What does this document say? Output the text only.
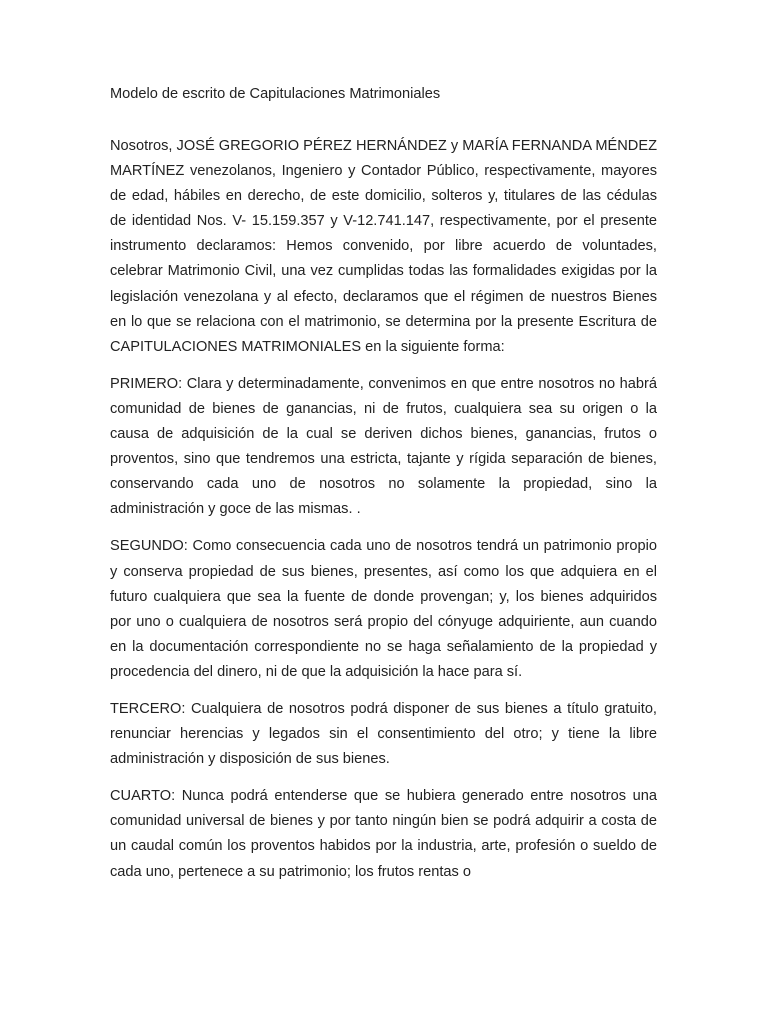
Modelo de escrito de Capitulaciones Matrimoniales

Nosotros, JOSÉ GREGORIO PÉREZ HERNÁNDEZ y MARÍA FERNANDA MÉNDEZ MARTÍNEZ venezolanos, Ingeniero y Contador Público, respectivamente, mayores de edad, hábiles en derecho, de este domicilio, solteros y, titulares de las cédulas de identidad Nos. V- 15.159.357 y V-12.741.147, respectivamente, por el presente instrumento declaramos: Hemos convenido, por libre acuerdo de voluntades, celebrar Matrimonio Civil, una vez cumplidas todas las formalidades exigidas por la legislación venezolana y al efecto, declaramos que el régimen de nuestros Bienes en lo que se relaciona con el matrimonio, se determina por la presente Escritura de CAPITULACIONES MATRIMONIALES en la siguiente forma:

PRIMERO: Clara y determinadamente, convenimos en que entre nosotros no habrá comunidad de bienes de ganancias, ni de frutos, cualquiera sea su origen o la causa de adquisición de la cual se deriven dichos bienes, ganancias, frutos o proventos, sino que tendremos una estricta, tajante y rígida separación de bienes, conservando cada uno de nosotros no solamente la propiedad, sino la administración y goce de las mismas. .

SEGUNDO: Como consecuencia cada uno de nosotros tendrá un patrimonio propio y conserva propiedad de sus bienes, presentes, así como los que adquiera en el futuro cualquiera que sea la fuente de donde provengan; y, los bienes adquiridos por uno o cualquiera de nosotros será propio del cónyuge adquiriente, aun cuando en la documentación correspondiente no se haga señalamiento de la propiedad y procedencia del dinero, ni de que la adquisición la hace para sí.

TERCERO: Cualquiera de nosotros podrá disponer de sus bienes a título gratuito, renunciar herencias y legados sin el consentimiento del otro; y tiene la libre administración y disposición de sus bienes.

CUARTO: Nunca podrá entenderse que se hubiera generado entre nosotros una comunidad universal de bienes y por tanto ningún bien se podrá adquirir a costa de un caudal común los proventos habidos por la industria, arte, profesión o sueldo de cada uno, pertenece a su patrimonio; los frutos rentas o
